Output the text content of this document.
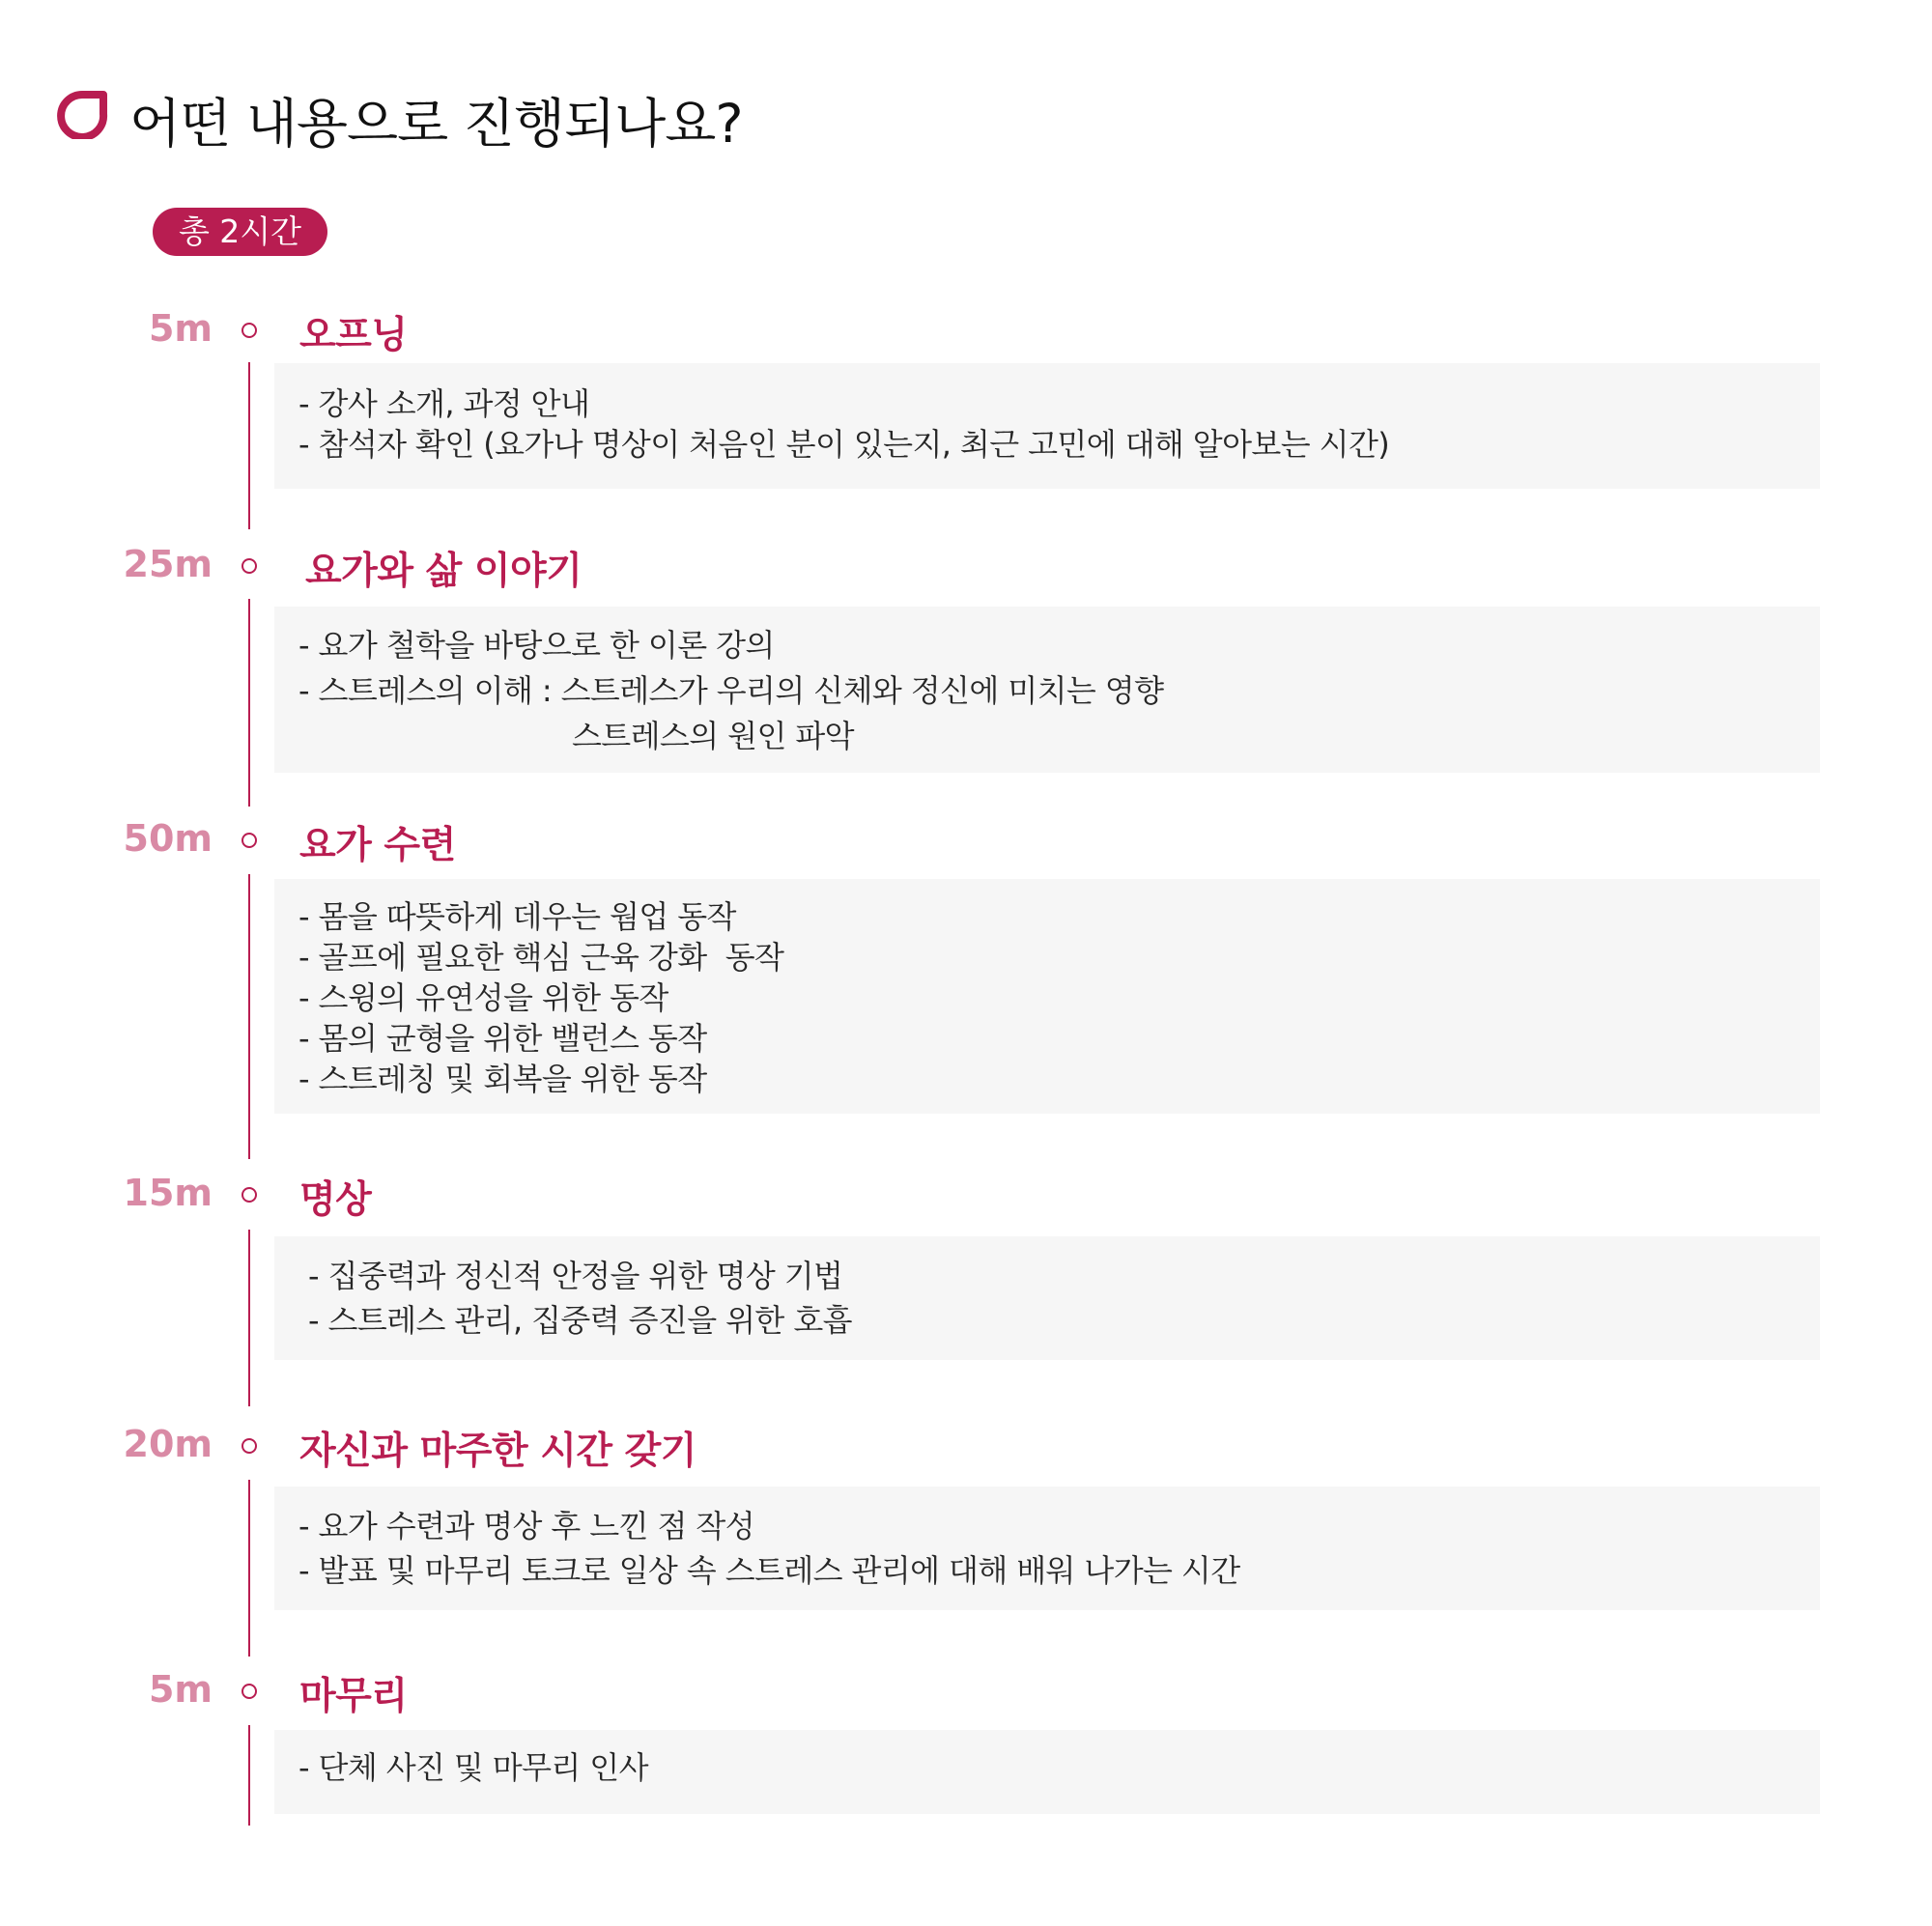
어떤 내용으로 진행되나요?
총 2시간
5m 오프닝
- 강사 소개, 과정 안내
- 참석자 확인 (요가나 명상이 처음인 분이 있는지, 최근 고민에 대해 알아보는 시간)
25m 요가와 삶 이야기
- 요가 철학을 바탕으로 한 이론 강의
- 스트레스의 이해 : 스트레스가 우리의 신체와 정신에 미치는 영향
스트레스의 원인 파악
50m 요가 수련
- 몸을 따뜻하게 데우는 웜업 동작
- 골프에 필요한 핵심 근육 강화  동작
- 스윙의 유연성을 위한 동작
- 몸의 균형을 위한 밸런스 동작
- 스트레칭 및 회복을 위한 동작
15m 명상
- 집중력과 정신적 안정을 위한 명상 기법
- 스트레스 관리, 집중력 증진을 위한 호흡
20m 자신과 마주한 시간 갖기
- 요가 수련과 명상 후 느낀 점 작성
- 발표 및 마무리 토크로 일상 속 스트레스 관리에 대해 배워 나가는 시간
5m 마무리
- 단체 사진 및 마무리 인사
